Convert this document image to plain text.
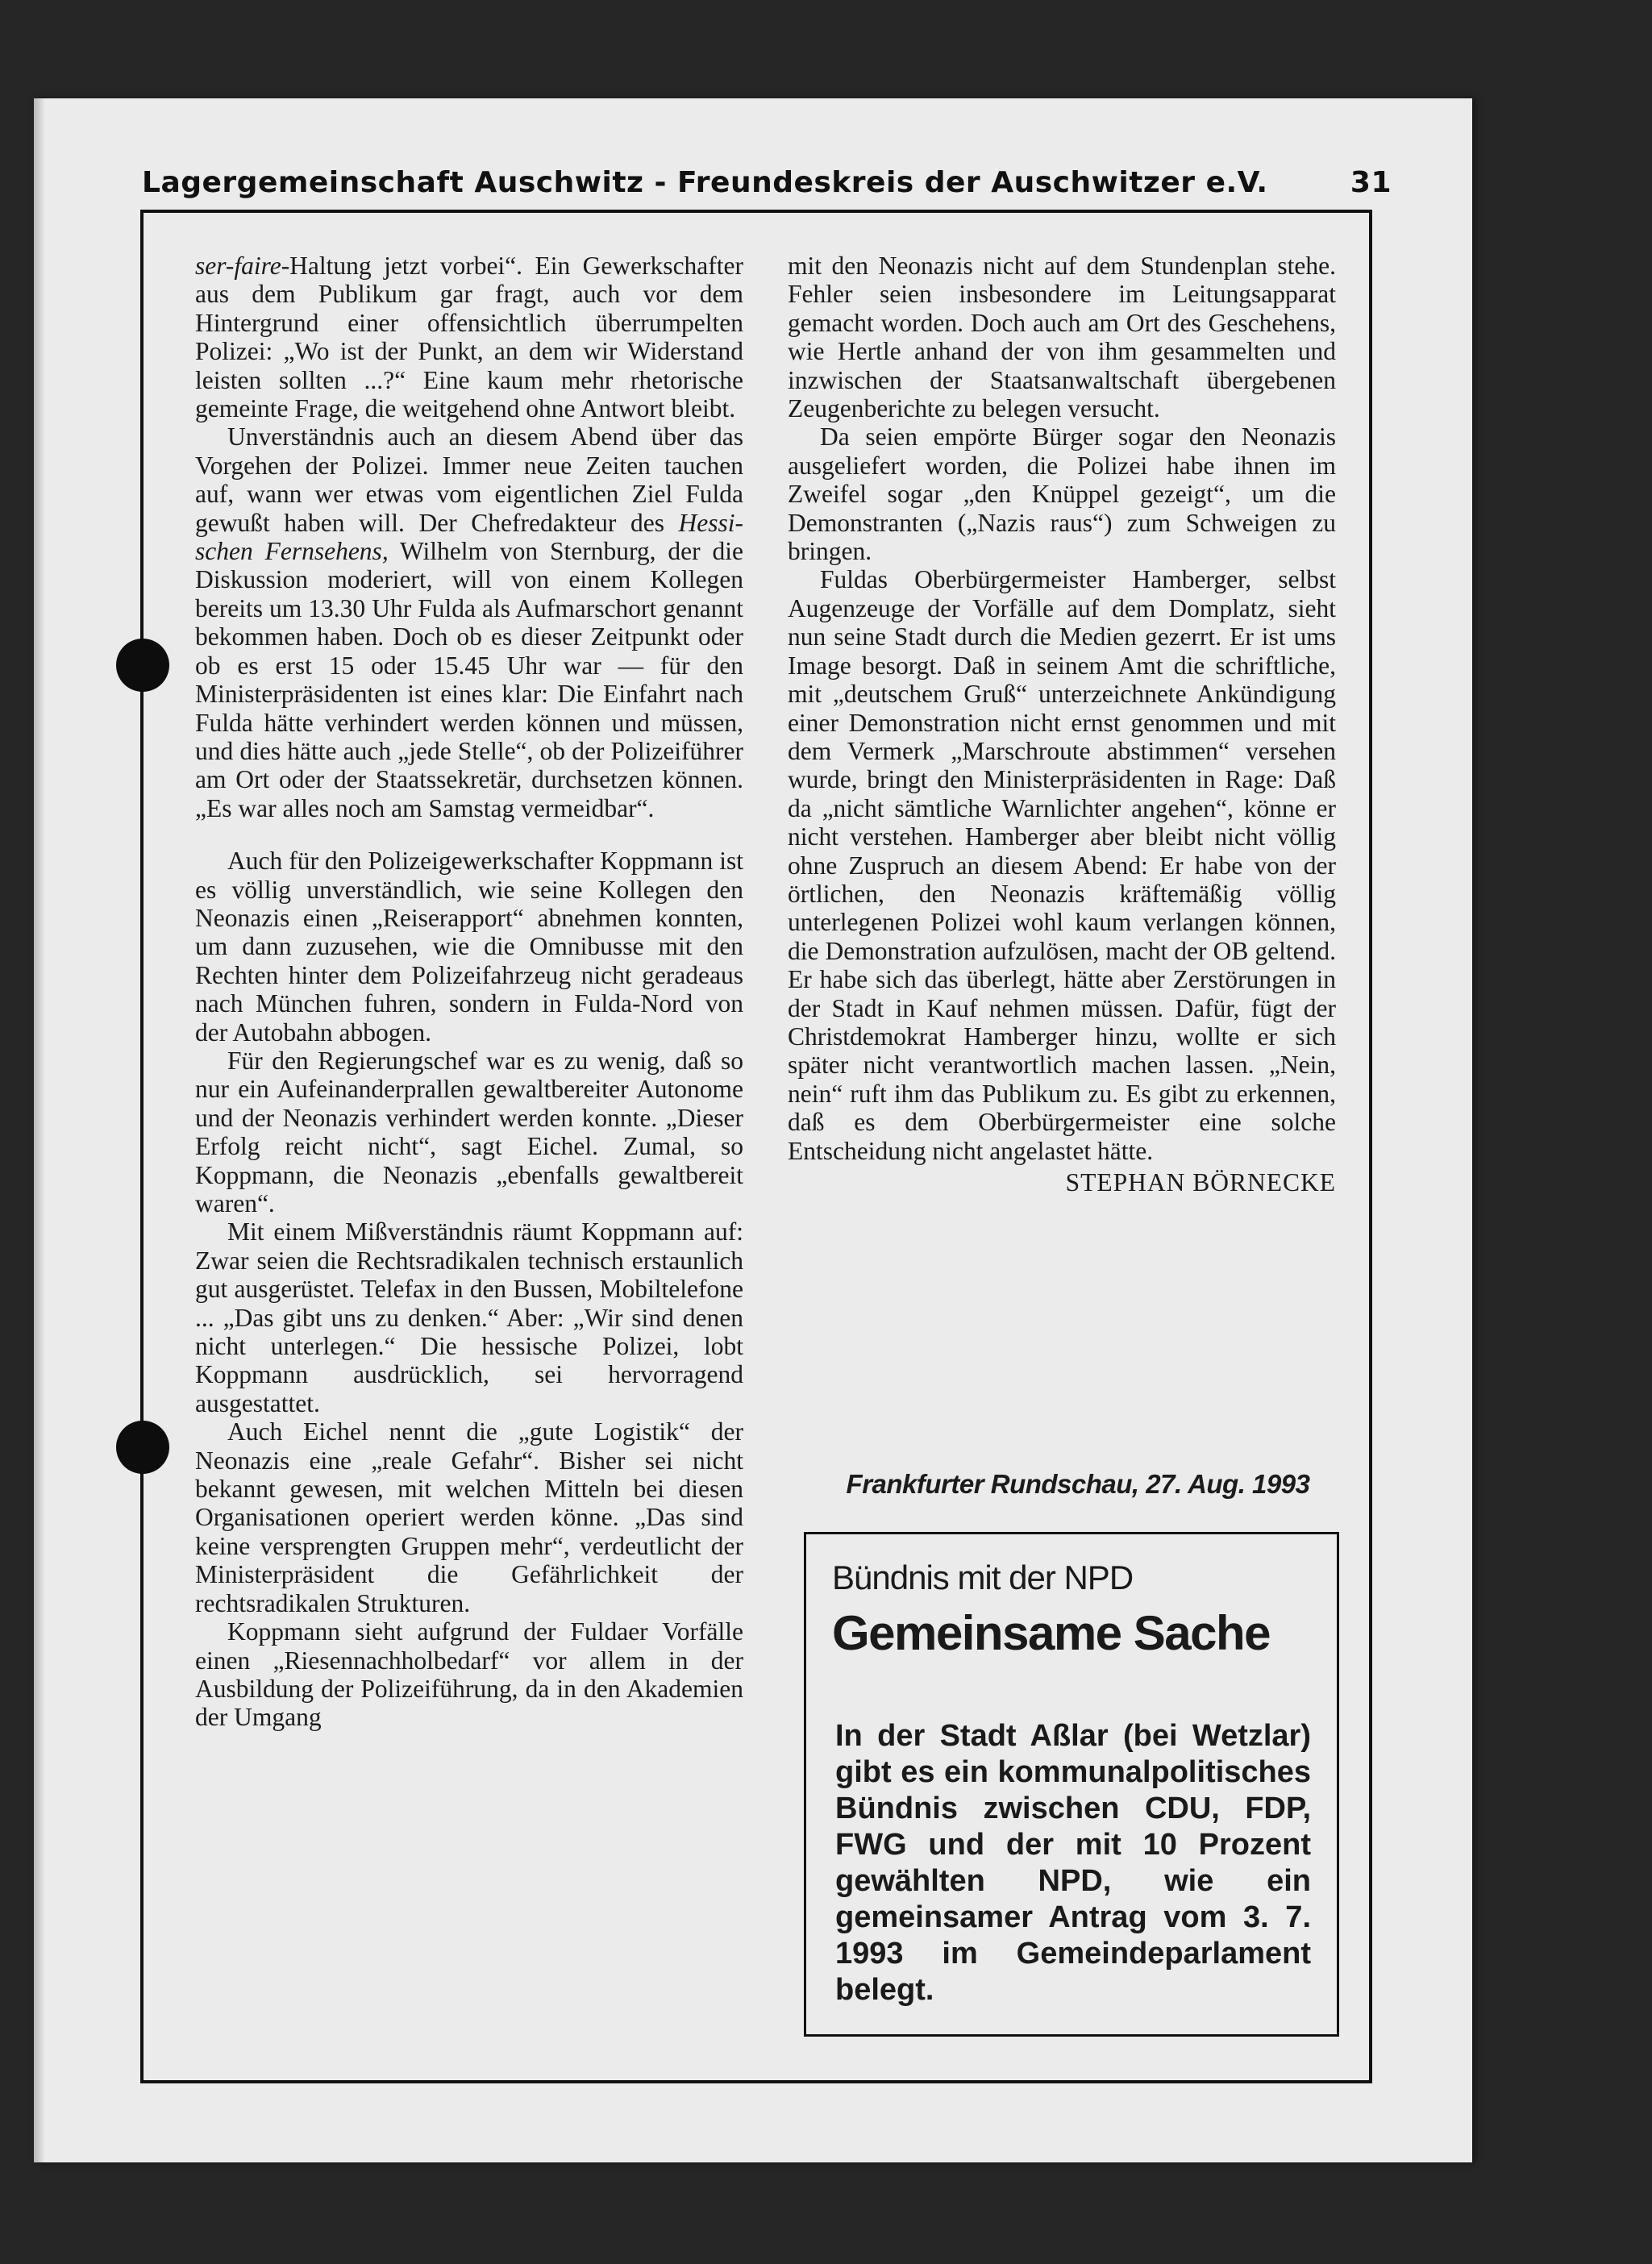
Lagergemeinschaft Auschwitz - Freundeskreis der Auschwitzer e.V.	31

ser-faire-Haltung jetzt vorbei“. Ein Gewerkschafter aus dem Publikum gar fragt, auch vor dem Hintergrund einer offensichtlich überrumpelten Polizei: „Wo ist der Punkt, an dem wir Widerstand leisten sollten ...?“ Eine kaum mehr rhetorische gemeinte Frage, die weitgehend ohne Antwort bleibt.

Unverständnis auch an diesem Abend über das Vorgehen der Polizei. Immer neue Zeiten tauchen auf, wann wer etwas vom eigentlichen Ziel Fulda gewußt haben will. Der Chefredakteur des Hessischen Fernsehens, Wilhelm von Sternburg, der die Diskussion moderiert, will von einem Kollegen bereits um 13.30 Uhr Fulda als Aufmarschort genannt bekommen haben. Doch ob es dieser Zeitpunkt oder ob es erst 15 oder 15.45 Uhr war — für den Ministerpräsidenten ist eines klar: Die Einfahrt nach Fulda hätte verhindert werden können und müssen, und dies hätte auch „jede Stelle“, ob der Polizeiführer am Ort oder der Staatssekretär, durchsetzen können. „Es war alles noch am Samstag vermeidbar“.

Auch für den Polizeigewerkschafter Koppmann ist es völlig unverständlich, wie seine Kollegen den Neonazis einen „Reiserapport“ abnehmen konnten, um dann zuzusehen, wie die Omnibusse mit den Rechten hinter dem Polizeifahrzeug nicht geradeaus nach München fuhren, sondern in Fulda-Nord von der Autobahn abbogen.

Für den Regierungschef war es zu wenig, daß so nur ein Aufeinanderprallen gewaltbereiter Autonome und der Neonazis verhindert werden konnte. „Dieser Erfolg reicht nicht“, sagt Eichel. Zumal, so Koppmann, die Neonazis „ebenfalls gewaltbereit waren“.

Mit einem Mißverständnis räumt Koppmann auf: Zwar seien die Rechtsradikalen technisch erstaunlich gut ausgerüstet. Telefax in den Bussen, Mobiltelefone ... „Das gibt uns zu denken.“ Aber: „Wir sind denen nicht unterlegen.“ Die hessische Polizei, lobt Koppmann ausdrücklich, sei hervorragend ausgestattet.

Auch Eichel nennt die „gute Logistik“ der Neonazis eine „reale Gefahr“. Bisher sei nicht bekannt gewesen, mit welchen Mitteln bei diesen Organisationen operiert werden könne. „Das sind keine versprengten Gruppen mehr“, verdeutlicht der Ministerpräsident die Gefährlichkeit der rechtsradikalen Strukturen.

Koppmann sieht aufgrund der Fuldaer Vorfälle einen „Riesennachholbedarf“ vor allem in der Ausbildung der Polizeiführung, da in den Akademien der Umgang

mit den Neonazis nicht auf dem Stundenplan stehe. Fehler seien insbesondere im Leitungsapparat gemacht worden. Doch auch am Ort des Geschehens, wie Hertle anhand der von ihm gesammelten und inzwischen der Staatsanwaltschaft übergebenen Zeugenberichte zu belegen versucht.

Da seien empörte Bürger sogar den Neonazis ausgeliefert worden, die Polizei habe ihnen im Zweifel sogar „den Knüppel gezeigt“, um die Demonstranten („Nazis raus“) zum Schweigen zu bringen.

Fuldas Oberbürgermeister Hamberger, selbst Augenzeuge der Vorfälle auf dem Domplatz, sieht nun seine Stadt durch die Medien gezerrt. Er ist ums Image besorgt. Daß in seinem Amt die schriftliche, mit „deutschem Gruß“ unterzeichnete Ankündigung einer Demonstration nicht ernst genommen und mit dem Vermerk „Marschroute abstimmen“ versehen wurde, bringt den Ministerpräsidenten in Rage: Daß da „nicht sämtliche Warnlichter angehen“, könne er nicht verstehen. Hamberger aber bleibt nicht völlig ohne Zuspruch an diesem Abend: Er habe von der örtlichen, den Neonazis kräftemäßig völlig unterlegenen Polizei wohl kaum verlangen können, die Demonstration aufzulösen, macht der OB geltend. Er habe sich das überlegt, hätte aber Zerstörungen in der Stadt in Kauf nehmen müssen. Dafür, fügt der Christdemokrat Hamberger hinzu, wollte er sich später nicht verantwortlich machen lassen. „Nein, nein“ ruft ihm das Publikum zu. Es gibt zu erkennen, daß es dem Oberbürgermeister eine solche Entscheidung nicht angelastet hätte.

STEPHAN BÖRNECKE
Frankfurter Rundschau, 27. Aug. 1993
Bündnis mit der NPD
Gemeinsame Sache
In der Stadt Aßlar (bei Wetzlar) gibt es ein kommunalpolitisches Bündnis zwischen CDU, FDP, FWG und der mit 10 Prozent gewählten NPD, wie ein gemeinsamer Antrag vom 3. 7. 1993 im Gemeindeparlament belegt.
